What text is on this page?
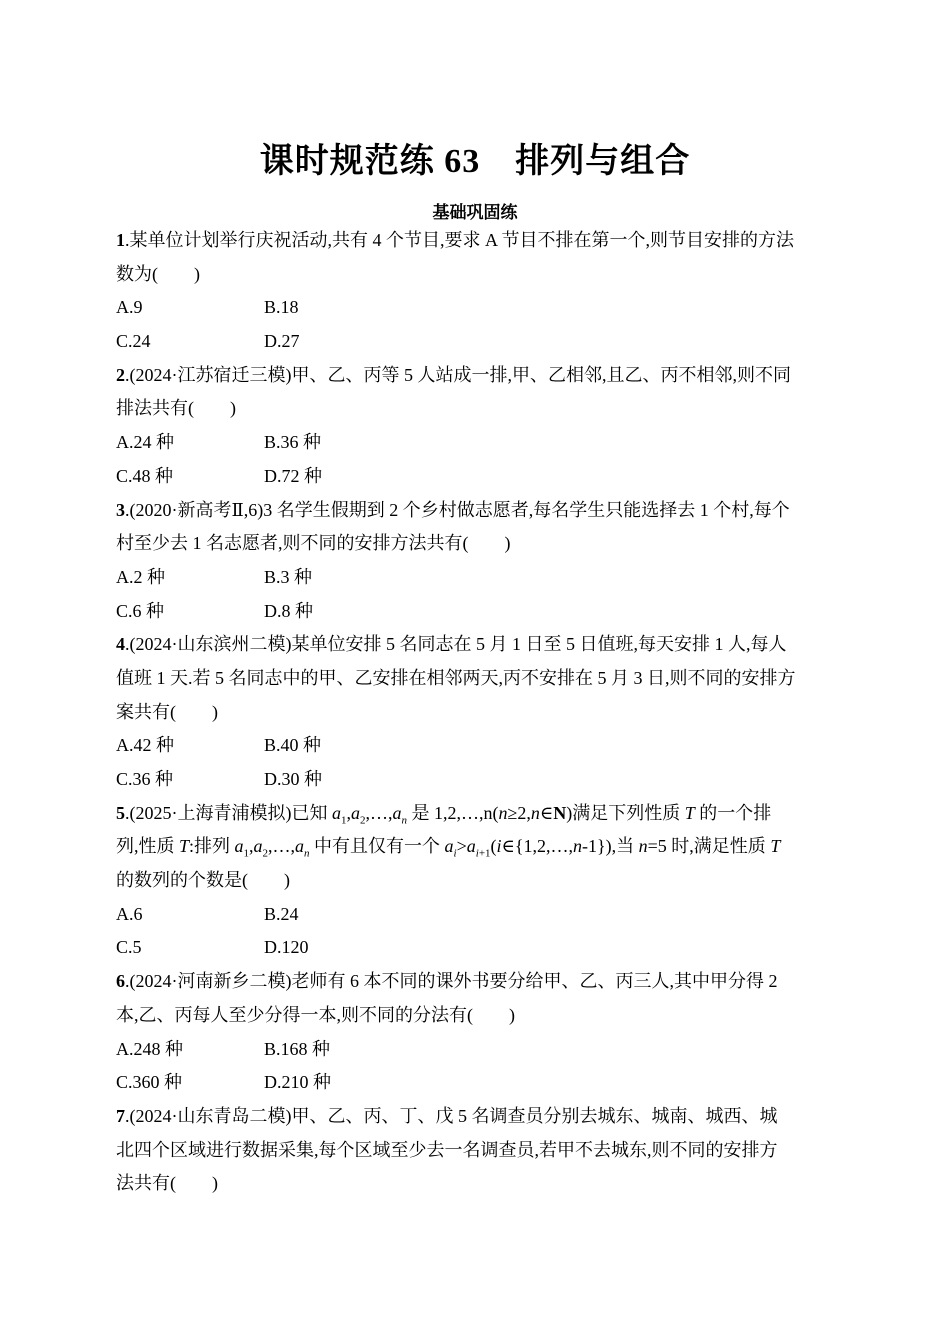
课时规范练 63　排列与组合
基础巩固练
1.某单位计划举行庆祝活动,共有 4 个节目,要求 A 节目不排在第一个,则节目安排的方法
数为(　　)
A.9	B.18
C.24	D.27
2.(2024·江苏宿迁三模)甲、乙、丙等 5 人站成一排,甲、乙相邻,且乙、丙不相邻,则不同
排法共有(　　)
A.24 种	B.36 种
C.48 种	D.72 种
3.(2020·新高考Ⅱ,6)3 名学生假期到 2 个乡村做志愿者,每名学生只能选择去 1 个村,每个
村至少去 1 名志愿者,则不同的安排方法共有(　　)
A.2 种	B.3 种
C.6 种	D.8 种
4.(2024·山东滨州二模)某单位安排 5 名同志在 5 月 1 日至 5 日值班,每天安排 1 人,每人
值班 1 天.若 5 名同志中的甲、乙安排在相邻两天,丙不安排在 5 月 3 日,则不同的安排方
案共有(　　)
A.42 种	B.40 种
C.36 种	D.30 种
5.(2025·上海青浦模拟)已知 $a_1,a_2,\dots,a_n$ 是 1,2,…,n(n≥2,n∈N)满足下列性质 T 的一个排
列,性质 T:排列 $a_1,a_2,\dots,a_n$ 中有且仅有一个 $a_i>a_{i+1}(i\in\{1,2,\dots,n-1\})$,当 n=5 时,满足性质 T
的数列的个数是(　　)
A.6	B.24
C.5	D.120
6.(2024·河南新乡二模)老师有 6 本不同的课外书要分给甲、乙、丙三人,其中甲分得 2
本,乙、丙每人至少分得一本,则不同的分法有(　　)
A.248 种	B.168 种
C.360 种	D.210 种
7.(2024·山东青岛二模)甲、乙、丙、丁、戊 5 名调查员分别去城东、城南、城西、城
北四个区域进行数据采集,每个区域至少去一名调查员,若甲不去城东,则不同的安排方
法共有(　　)
